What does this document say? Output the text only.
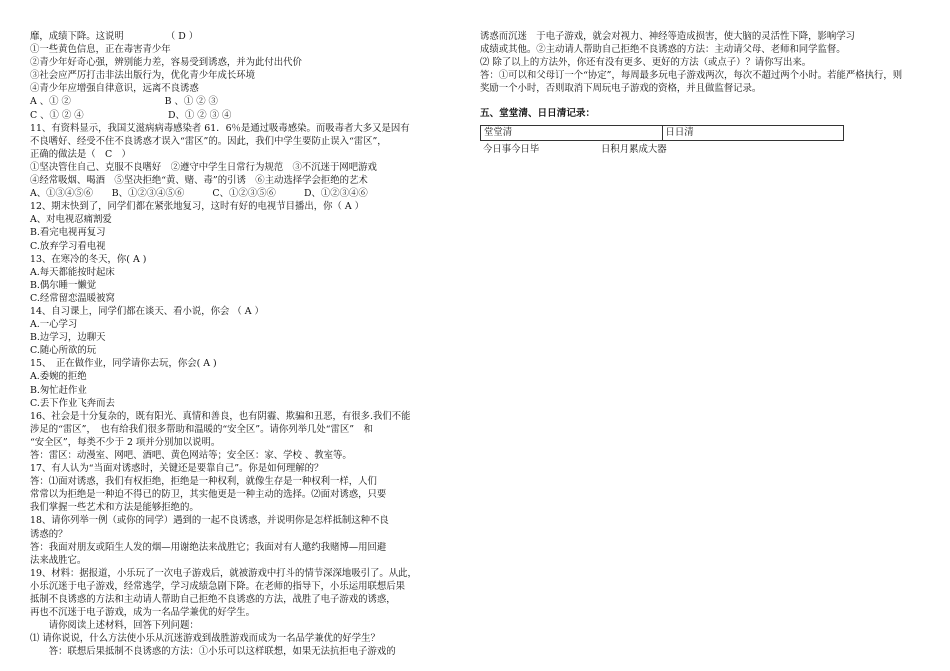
靡，成绩下降。这说明　　　　　（ D ）
①一些黄色信息，正在毒害青少年
②青少年好奇心强，辨别能力差，容易受到诱惑，并为此付出代价
③社会应严厉打击非法出版行为，优化青少年成长环境
④青少年应增强自律意识，远离不良诱惑
A 、① ②　　　　　　　　　　B 、① ② ③
C 、① ② ④　　　　　　　　　D、① ② ③ ④
11、有资料显示，我国艾滋病病毒感染者 61．6％是通过吸毒感染。而吸毒者大多又是因有
不良嗜好、经受不住不良诱惑才误入“雷区”的。因此，我们中学生要防止误入“雷区”，
正确的做法是（　C　）
①坚决管住自己、克服不良嗜好　②遵守中学生日常行为规范　③不沉迷于网吧游戏
④经常吸烟、喝酒　⑤坚决拒绝“黄、赌、毒”的引诱　⑥主动选择学会拒绝的艺术
A、①③④⑤⑥　　B、①②③④⑤⑥　　　C、①②③⑤⑥　　　D、①②③④⑥
12、期末快到了，同学们都在紧张地复习，这时有好的电视节目播出，你（ A ）
A、对电视忍痛割爱
B.看完电视再复习
C.放弃学习看电视
13、在寒冷的冬天，你( A )
A.每天都能按时起床
B.偶尔睡一懒觉
C.经常留恋温暖被窝
14、自习课上，同学们都在谈天、看小说，你会 （ A ）
A.一心学习
B.边学习，边聊天
C.随心所欲的玩
15、　正在做作业，同学请你去玩，你会( A )
A.委婉的拒绝
B.匆忙赶作业
C.丢下作业飞奔而去
16、社会是十分复杂的，既有阳光、真情和善良，也有阴霾、欺骗和丑恶，有很多.我们不能
涉足的“雷区”，　也有给我们很多帮助和温暖的“安全区”。请你列举几处“雷区”　和
“安全区”，每类不少于 2 项并分别加以说明。
答：雷区：动漫室、网吧、酒吧、黄色网站等；安全区：家、学校 、教室等。
17、有人认为“当面对诱惑时，关键还是要靠自己”。你是如何理解的？
答：⑴面对诱惑，我们有权拒绝，拒绝是一种权利，就像生存是一种权利一样，人们
常常以为拒绝是一种迫不得已的防卫，其实他更是一种主动的选择。⑵面对诱惑，只要
我们掌握一些艺术和方法是能够拒绝的。
18、请你列举一例（或你的同学）遇到的一起不良诱惑，并说明你是怎样抵制这种不良
诱惑的？
答：我面对朋友或陌生人发的烟—用谢绝法来战胜它；我面对有人邀约我赌博—用回避
法来战胜它。
19、材料：据报道，小乐玩了一次电子游戏后，就被游戏中打斗的情节深深地吸引了。从此，
小乐沉迷于电子游戏，经常逃学，学习成绩急剧下降。在老师的指导下，小乐运用联想后果
抵制不良诱惑的方法和主动请人帮助自己拒绝不良诱惑的方法，战胜了电子游戏的诱惑，
再也不沉迷于电子游戏，成为一名品学兼优的好学生。
　　请你阅读上述材料，回答下列问题：
⑴ 请你说说，什么方法使小乐从沉迷游戏到战胜游戏而成为一名品学兼优的好学生？
　　答：联想后果抵制不良诱惑的方法：①小乐可以这样联想，如果无法抗拒电子游戏的
诱惑而沉迷　于电子游戏，就会对视力、神经等造成损害，使大脑的灵活性下降，影响学习
成绩或其他。②主动请人帮助自己拒绝不良诱惑的方法：主动请父母、老师和同学监督。
⑵ 除了以上的方法外，你还有没有更多、更好的方法（或点子）？请你写出来。
答：①可以和父母订一个“协定”，每周最多玩电子游戏两次，每次不超过两个小时。若能严格执行，则
奖励一个小时，否则取消下周玩电子游戏的资格，并且做监督记录。
五、堂堂清、日日清记录：
堂堂清	日日清
今日事今日毕	日积月累成大器
